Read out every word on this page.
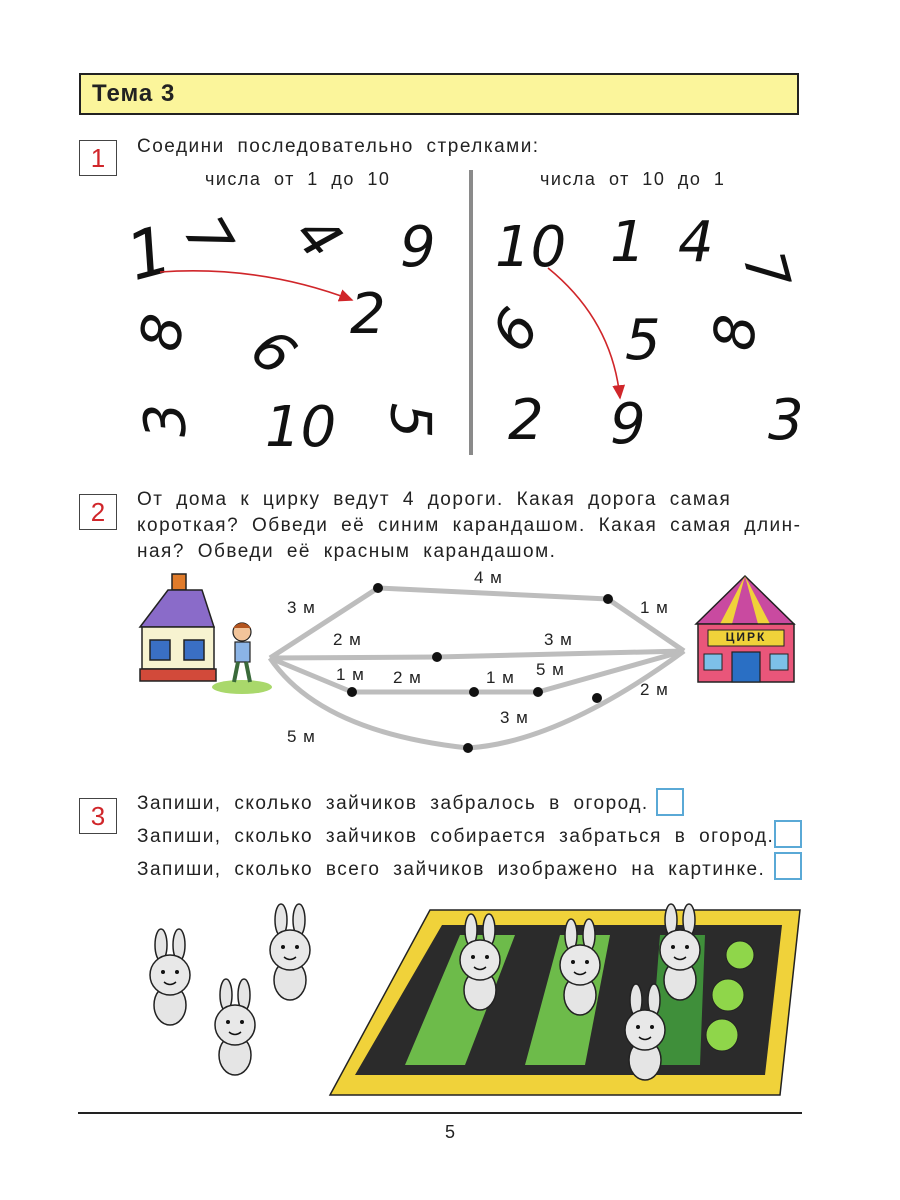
Тема 3
1	Соедини последовательно стрелками:
числа от 1 до 10	числа от 10 до 1
1
7 4 9
2
8 6
3 10 5
10 1 4 7
6 5 8
2 9 3
2	От дома к цирку ведут 4 дороги. Какая дорога самая
короткая? Обведи её синим карандашом. Какая самая длин-
ная? Обведи её красным карандашом.
ЦИРК
3 м
4 м
1 м
2 м	3 м
1 м 2 м	1 м 5 м
2 м
3 м
5 м
3	Запиши, сколько зайчиков забралось в огород.
Запиши, сколько зайчиков собирается забраться в огород.
Запиши, сколько всего зайчиков изображено на картинке.
5
